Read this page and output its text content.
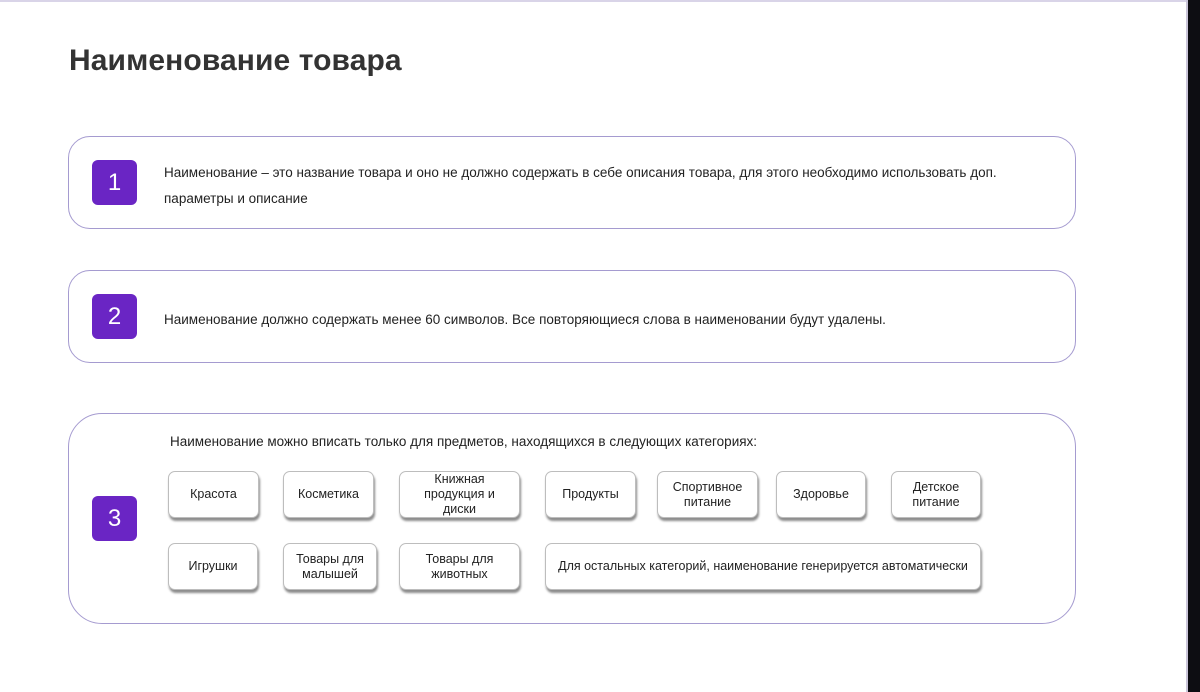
Наименование товара
1	Наименование – это название товара и оно не должно содержать в себе описания товара, для этого необходимо использовать доп.
параметры и описание
2	Наименование должно содержать менее 60 символов. Все повторяющиеся слова в наименовании будут удалены.
3
Наименование можно вписать только для предметов, находящихся в следующих категориях:
Красота	Косметика
Книжная продукция и диски
Продукты
Спортивное питание
Здоровье
Детское питание
Игрушки
Товары для малышей
Товары для животных
Для остальных категорий, наименование генерируется автоматически
